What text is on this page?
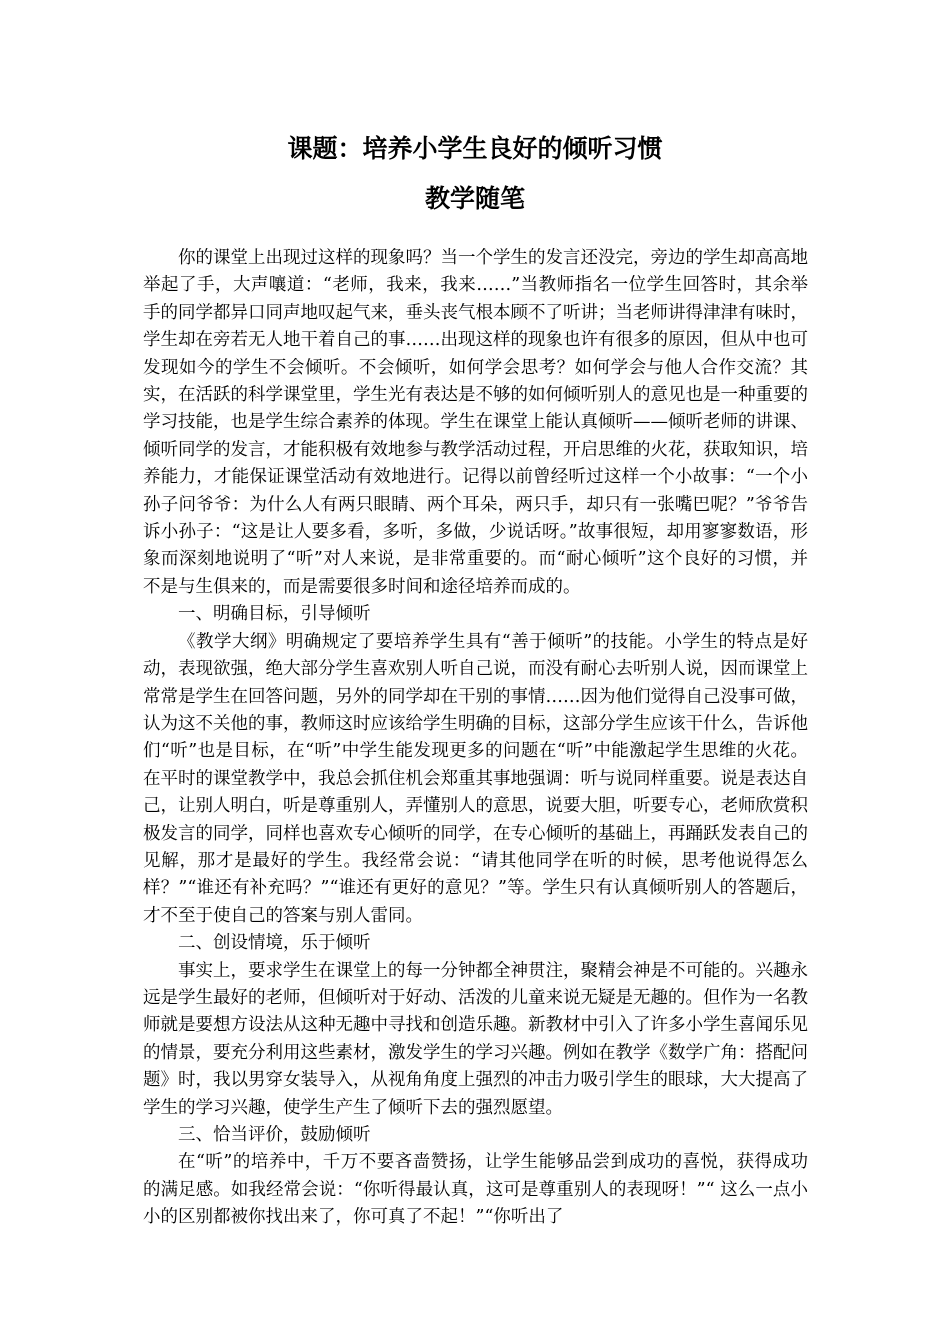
课题：培养小学生良好的倾听习惯
教学随笔

你的课堂上出现过这样的现象吗？当一个学生的发言还没完，旁边的学生却高高地举起了手，大声嚷道：“老师，我来，我来……”当教师指名一位学生回答时，其余举手的同学都异口同声地叹起气来，垂头丧气根本顾不了听讲；当老师讲得津津有味时，学生却在旁若无人地干着自己的事……出现这样的现象也许有很多的原因，但从中也可发现如今的学生不会倾听。不会倾听，如何学会思考？如何学会与他人合作交流？其实，在活跃的科学课堂里，学生光有表达是不够的如何倾听别人的意见也是一种重要的学习技能，也是学生综合素养的体现。学生在课堂上能认真倾听——倾听老师的讲课、倾听同学的发言，才能积极有效地参与教学活动过程，开启思维的火花，获取知识，培养能力，才能保证课堂活动有效地进行。记得以前曾经听过这样一个小故事：“一个小孙子问爷爷：为什么人有两只眼睛、两个耳朵，两只手，却只有一张嘴巴呢？”爷爷告诉小孙子：“这是让人要多看，多听，多做，少说话呀。”故事很短，却用寥寥数语，形象而深刻地说明了“听”对人来说，是非常重要的。而“耐心倾听”这个良好的习惯，并不是与生俱来的，而是需要很多时间和途径培养而成的。

一、明确目标，引导倾听

《教学大纲》明确规定了要培养学生具有“善于倾听”的技能。小学生的特点是好动，表现欲强，绝大部分学生喜欢别人听自己说，而没有耐心去听别人说，因而课堂上常常是学生在回答问题，另外的同学却在干别的事情……因为他们觉得自己没事可做，认为这不关他的事，教师这时应该给学生明确的目标，这部分学生应该干什么，告诉他们“听”也是目标，在“听”中学生能发现更多的问题在“听”中能激起学生思维的火花。在平时的课堂教学中，我总会抓住机会郑重其事地强调：听与说同样重要。说是表达自己，让别人明白，听是尊重别人，弄懂别人的意思，说要大胆，听要专心，老师欣赏积极发言的同学，同样也喜欢专心倾听的同学，在专心倾听的基础上，再踊跃发表自己的见解，那才是最好的学生。我经常会说：“请其他同学在听的时候，思考他说得怎么样？”“谁还有补充吗？”“谁还有更好的意见？”等。学生只有认真倾听别人的答题后，才不至于使自己的答案与别人雷同。

二、创设情境，乐于倾听

事实上，要求学生在课堂上的每一分钟都全神贯注，聚精会神是不可能的。兴趣永远是学生最好的老师，但倾听对于好动、活泼的儿童来说无疑是无趣的。但作为一名教师就是要想方设法从这种无趣中寻找和创造乐趣。新教材中引入了许多小学生喜闻乐见的情景，要充分利用这些素材，激发学生的学习兴趣。例如在教学《数学广角：搭配问题》时，我以男穿女装导入，从视角角度上强烈的冲击力吸引学生的眼球，大大提高了学生的学习兴趣，使学生产生了倾听下去的强烈愿望。

三、恰当评价，鼓励倾听

在“听”的培养中，千万不要吝啬赞扬，让学生能够品尝到成功的喜悦，获得成功的满足感。如我经常会说：“你听得最认真，这可是尊重别人的表现呀！”“ 这么一点小小的区别都被你找出来了，你可真了不起！”“你听出了
